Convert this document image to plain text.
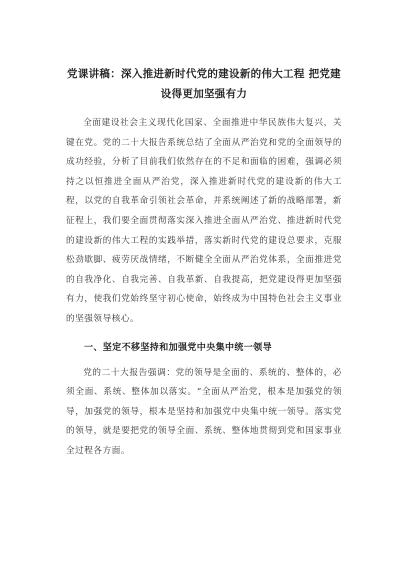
党课讲稿：深入推进新时代党的建设新的伟大工程 把党建设得更加坚强有力

全面建设社会主义现代化国家、全面推进中华民族伟大复兴，关键在党。党的二十大报告系统总结了全面从严治党和党的全面领导的成功经验，分析了目前我们依然存在的不足和面临的困难，强调必须持之以恒推进全面从严治党，深入推进新时代党的建设新的伟大工程，以党的自我革命引领社会革命，并系统阐述了新的战略部署，新征程上，我们要全面贯彻落实深入推进全面从严治党、推进新时代党的建设新的伟大工程的实践举措，落实新时代党的建设总要求，克服松劲歇脚、疲劳厌战情绪，不断健全全面从严治党体系，全面推进党的自我净化、自我完善、自我革新、自我提高，把党建设得更加坚强有力，使我们党始终坚守初心使命，始终成为中国特色社会主义事业的坚强领导核心。

一、坚定不移坚持和加强党中央集中统一领导

党的二十大报告强调：党的领导是全面的、系统的、整体的，必须全面、系统、整体加以落实。“全面从严治党，根本是加强党的领导，加强党的领导，根本是坚持和加强党中央集中统一领导。落实党的领导，就是要把党的领导全面、系统、整体地贯彻到党和国家事业全过程各方面。
